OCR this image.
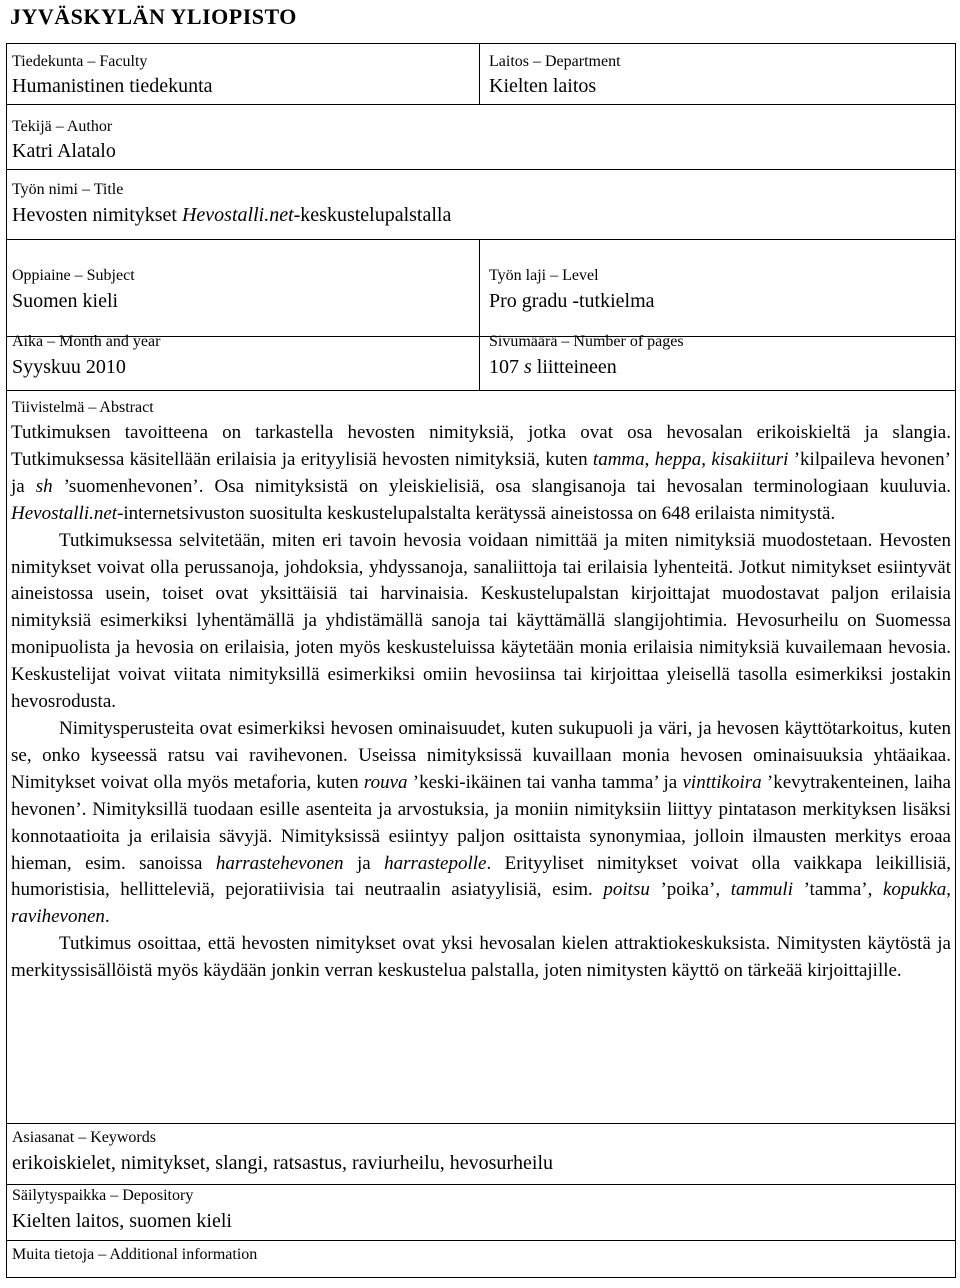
JYVÄSKYLÄN YLIOPISTO
Tiedekunta – Faculty
Humanistinen tiedekunta
Laitos – Department
Kielten laitos
Tekijä – Author
Katri Alatalo
Työn nimi – Title
Hevosten nimitykset Hevostalli.net-keskustelupalstalla
Oppiaine – Subject
Suomen kieli
Työn laji – Level
Pro gradu -tutkielma
Aika – Month and year
Syyskuu 2010
Sivumäärä – Number of pages
107 s liitteineen
Tiivistelmä – Abstract

Tutkimuksen tavoitteena on tarkastella hevosten nimityksiä, jotka ovat osa hevosalan erikoiskieltä ja slangia. Tutkimuksessa käsitellään erilaisia ja erityylisiä hevosten nimityksiä, kuten tamma, heppa, kisakiituri ’kilpaileva hevonen’ ja sh ’suomenhevonen’. Osa nimityksistä on yleiskielisiä, osa slangisanoja tai hevosalan terminologiaan kuuluvia. Hevostalli.net-internetsivuston suositulta keskustelupalstalta kerätyssä aineistossa on 648 erilaista nimitystä.

Tutkimuksessa selvitetään, miten eri tavoin hevosia voidaan nimittää ja miten nimityksiä muodostetaan. Hevosten nimitykset voivat olla perussanoja, johdoksia, yhdyssanoja, sanaliittoja tai erilaisia lyhenteitä. Jotkut nimitykset esiintyvät aineistossa usein, toiset ovat yksittäisiä tai harvinaisia. Keskustelupalstan kirjoittajat muodostavat paljon erilaisia nimityksiä esimerkiksi lyhentämällä ja yhdistämällä sanoja tai käyttämällä slangijohtimia. Hevosurheilu on Suomessa monipuolista ja hevosia on erilaisia, joten myös keskusteluissa käytetään monia erilaisia nimityksiä kuvailemaan hevosia. Keskustelijat voivat viitata nimityksillä esimerkiksi omiin hevosiinsa tai kirjoittaa yleisellä tasolla esimerkiksi jostakin hevosrodusta.

Nimitysperusteita ovat esimerkiksi hevosen ominaisuudet, kuten sukupuoli ja väri, ja hevosen käyttötarkoitus, kuten se, onko kyseessä ratsu vai ravihevonen. Useissa nimityksissä kuvaillaan monia hevosen ominaisuuksia yhtäaikaa. Nimitykset voivat olla myös metaforia, kuten rouva ’keski-ikäinen tai vanha tamma’ ja vinttikoira ’kevytrakenteinen, laiha hevonen’. Nimityksillä tuodaan esille asenteita ja arvostuksia, ja moniin nimityksiin liittyy pintatason merkityksen lisäksi konnotaatioita ja erilaisia sävyjä. Nimityksissä esiintyy paljon osittaista synonymiaa, jolloin ilmausten merkitys eroaa hieman, esim. sanoissa harrastehevonen ja harrastepolle. Erityyliset nimitykset voivat olla vaikkapa leikillisiä, humoristisia, hellitteleviä, pejoratiivisia tai neutraalin asiatyylisiä, esim. poitsu ’poika’, tammuli ’tamma’, kopukka, ravihevonen.

Tutkimus osoittaa, että hevosten nimitykset ovat yksi hevosalan kielen attraktiokeskuksista. Nimitysten käytöstä ja merkityssisällöistä myös käydään jonkin verran keskustelua palstalla, joten nimitysten käyttö on tärkeää kirjoittajille.

Asiasanat – Keywords
erikoiskielet, nimitykset, slangi, ratsastus, raviurheilu, hevosurheilu
Säilytyspaikka – Depository
Kielten laitos, suomen kieli
Muita tietoja – Additional information
